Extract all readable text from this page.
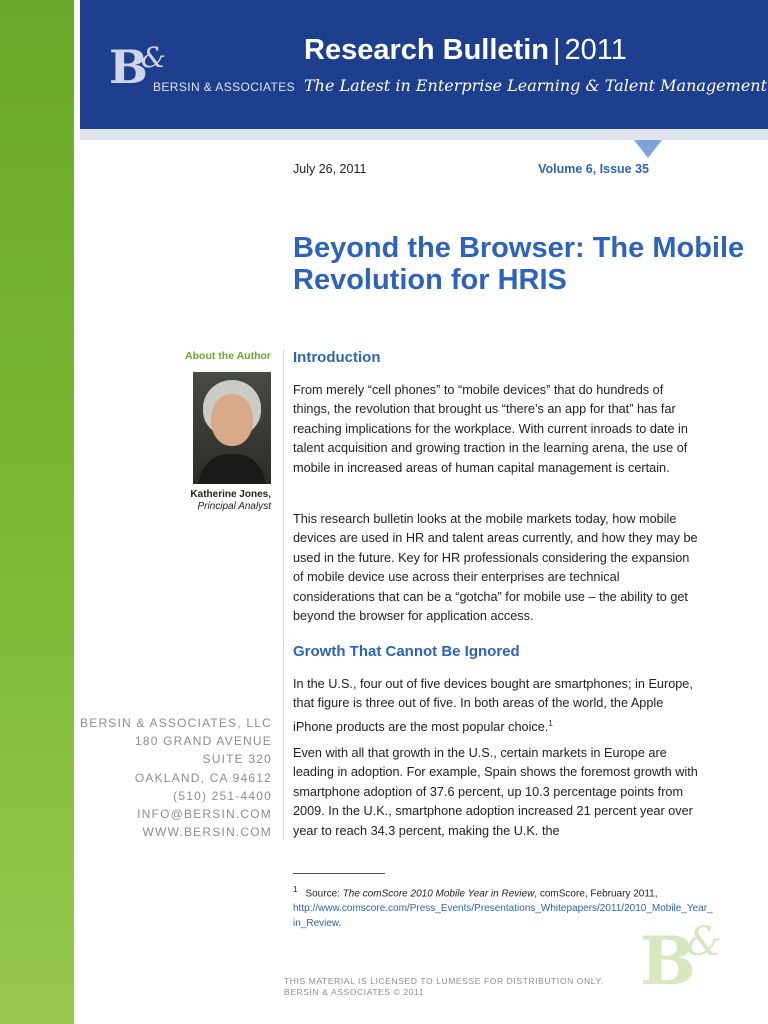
B
&
BERSIN & ASSOCIATES
Research Bulletin | 2011
The Latest in Enterprise Learning & Talent Management
July 26, 2011	Volume 6, Issue 35
Beyond the Browser: The Mobile Revolution for HRIS
About the Author
Katherine Jones,
Principal Analyst
Introduction

From merely “cell phones” to “mobile devices” that do hundreds of things, the revolution that brought us “there’s an app for that” has far reaching implications for the workplace. With current inroads to date in talent acquisition and growing traction in the learning arena, the use of mobile in increased areas of human capital management is certain.

This research bulletin looks at the mobile markets today, how mobile devices are used in HR and talent areas currently, and how they may be used in the future. Key for HR professionals considering the expansion of mobile device use across their enterprises are technical considerations that can be a “gotcha” for mobile use – the ability to get beyond the browser for application access.

Growth That Cannot Be Ignored

In the U.S., four out of five devices bought are smartphones; in Europe, that figure is three out of five. In both areas of the world, the Apple iPhone products are the most popular choice.$^1$

Even with all that growth in the U.S., certain markets in Europe are leading in adoption. For example, Spain shows the foremost growth with smartphone adoption of 37.6 percent, up 10.3 percentage points from 2009. In the U.K., smartphone adoption increased 21 percent year over year to reach 34.3 percent, making the U.K. the

BERSIN & ASSOCIATES, LLC
180 GRAND AVENUE
SUITE 320
OAKLAND, CA 94612
(510) 251-4400
INFO@BERSIN.COM
WWW.BERSIN.COM
$^1$ Source: The comScore 2010 Mobile Year in Review, comScore, February 2011,
http://www.comscore.com/Press_Events/Presentations_Whitepapers/2011/2010_Mobile_Year_in_Review.
THIS MATERIAL IS LICENSED TO LUMESSE FOR DISTRIBUTION ONLY.
BERSIN & ASSOCIATES © 2011	B
&
